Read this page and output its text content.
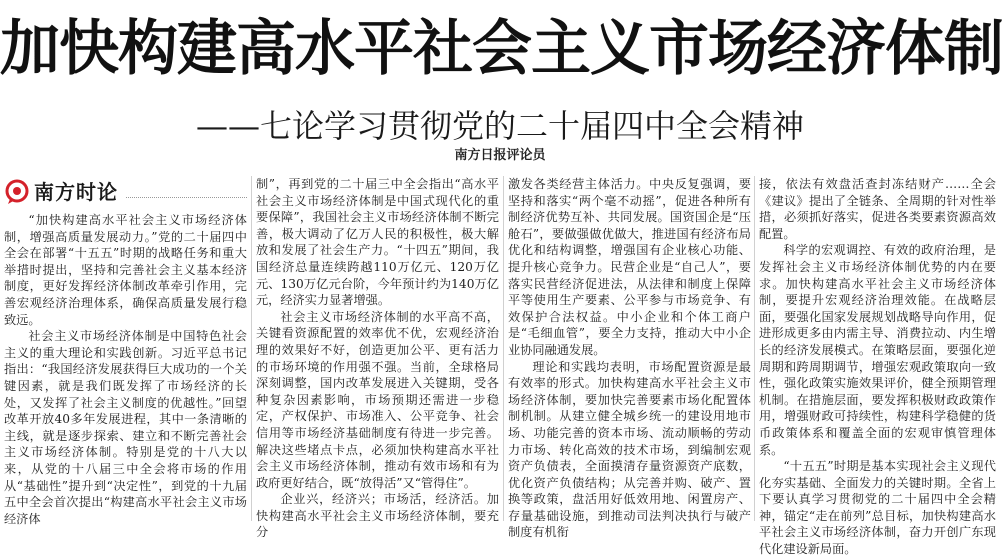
加快构建高水平社会主义市场经济体制
——七论学习贯彻党的二十届四中全会精神
南方日报评论员
南方时论

“加快构建高水平社会主义市场经济体制，增强高质量发展动力。”党的二十届四中全会在部署“十五五”时期的战略任务和重大举措时提出，坚持和完善社会主义基本经济制度，更好发挥经济体制改革牵引作用，完善宏观经济治理体系，确保高质量发展行稳致远。

社会主义市场经济体制是中国特色社会主义的重大理论和实践创新。习近平总书记指出：“我国经济发展获得巨大成功的一个关键因素，就是我们既发挥了市场经济的长处，又发挥了社会主义制度的优越性。”回望改革开放40多年发展进程，其中一条清晰的主线，就是逐步探索、建立和不断完善社会主义市场经济体制。特别是党的十八大以来，从党的十八届三中全会将市场的作用从“基础性”提升到“决定性”，到党的十九届五中全会首次提出“构建高水平社会主义市场经济体

制”，再到党的二十届三中全会指出“高水平社会主义市场经济体制是中国式现代化的重要保障”，我国社会主义市场经济体制不断完善，极大调动了亿万人民的积极性，极大解放和发展了社会生产力。“十四五”期间，我国经济总量连续跨越110万亿元、120万亿元、130万亿元台阶，今年预计约为140万亿元，经济实力显著增强。

社会主义市场经济体制的水平高不高，关键看资源配置的效率优不优，宏观经济治理的效果好不好，创造更加公平、更有活力的市场环境的作用强不强。当前，全球格局深刻调整，国内改革发展进入关键期，受各种复杂因素影响，市场预期还需进一步稳定，产权保护、市场准入、公平竞争、社会信用等市场经济基础制度有待进一步完善。解决这些堵点卡点，必须加快构建高水平社会主义市场经济体制，推动有效市场和有为政府更好结合，既“放得活”又“管得住”。

企业兴，经济兴；市场活，经济活。加快构建高水平社会主义市场经济体制，要充分

激发各类经营主体活力。中央反复强调，要坚持和落实“两个毫不动摇”，促进各种所有制经济优势互补、共同发展。国资国企是“压舱石”，要做强做优做大，推进国有经济布局优化和结构调整，增强国有企业核心功能、提升核心竞争力。民营企业是“自己人”，要落实民营经济促进法，从法律和制度上保障平等使用生产要素、公平参与市场竞争、有效保护合法权益。中小企业和个体工商户是“毛细血管”，要全力支持，推动大中小企业协同融通发展。

理论和实践均表明，市场配置资源是最有效率的形式。加快构建高水平社会主义市场经济体制，要加快完善要素市场化配置体制机制。从建立健全城乡统一的建设用地市场、功能完善的资本市场、流动顺畅的劳动力市场、转化高效的技术市场，到编制宏观资产负债表，全面摸清存量资源资产底数，优化资产负债结构；从完善并购、破产、置换等政策，盘活用好低效用地、闲置房产、存量基础设施，到推动司法判决执行与破产制度有机衔

接，依法有效盘活查封冻结财产……全会《建议》提出了全链条、全周期的针对性举措，必须抓好落实，促进各类要素资源高效配置。

科学的宏观调控、有效的政府治理，是发挥社会主义市场经济体制优势的内在要求。加快构建高水平社会主义市场经济体制，要提升宏观经济治理效能。在战略层面，要强化国家发展规划战略导向作用，促进形成更多由内需主导、消费拉动、内生增长的经济发展模式。在策略层面，要强化逆周期和跨周期调节，增强宏观政策取向一致性，强化政策实施效果评价，健全预期管理机制。在措施层面，要发挥积极财政政策作用，增强财政可持续性，构建科学稳健的货币政策体系和覆盖全面的宏观审慎管理体系。

“十五五”时期是基本实现社会主义现代化夯实基础、全面发力的关键时期。全省上下要认真学习贯彻党的二十届四中全会精神，锚定“走在前列”总目标，加快构建高水平社会主义市场经济体制，奋力开创广东现代化建设新局面。
